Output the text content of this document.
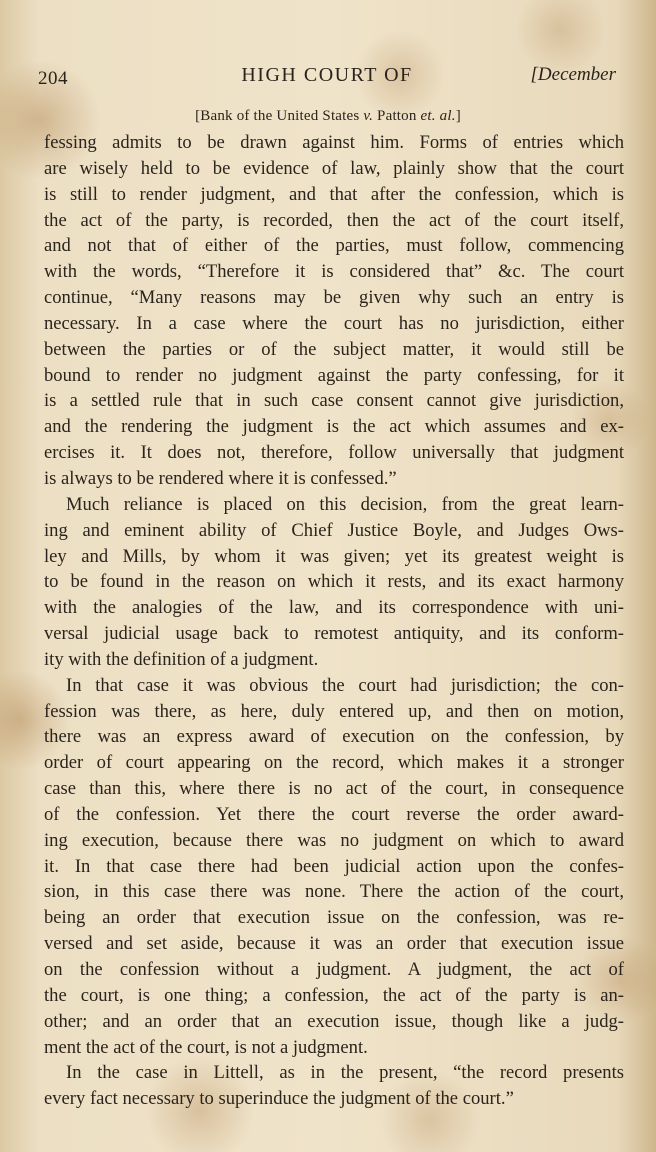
204	HIGH COURT OF	[December
[Bank of the United States v. Patton et. al.]
fessing admits to be drawn against him. Forms of entries which
are wisely held to be evidence of law, plainly show that the court
is still to render judgment, and that after the confession, which is
the act of the party, is recorded, then the act of the court itself,
and not that of either of the parties, must follow, commencing
with the words, “Therefore it is considered that” &c. The court
continue, “Many reasons may be given why such an entry is
necessary. In a case where the court has no jurisdiction, either
between the parties or of the subject matter, it would still be
bound to render no judgment against the party confessing, for it
is a settled rule that in such case consent cannot give jurisdiction,
and the rendering the judgment is the act which assumes and ex-
ercises it. It does not, therefore, follow universally that judgment
is always to be rendered where it is confessed.”
Much reliance is placed on this decision, from the great learn-
ing and eminent ability of Chief Justice Boyle, and Judges Ows-
ley and Mills, by whom it was given; yet its greatest weight is
to be found in the reason on which it rests, and its exact harmony
with the analogies of the law, and its correspondence with uni-
versal judicial usage back to remotest antiquity, and its conform-
ity with the definition of a judgment.
In that case it was obvious the court had jurisdiction; the con-
fession was there, as here, duly entered up, and then on motion,
there was an express award of execution on the confession, by
order of court appearing on the record, which makes it a stronger
case than this, where there is no act of the court, in consequence
of the confession. Yet there the court reverse the order award-
ing execution, because there was no judgment on which to award
it. In that case there had been judicial action upon the confes-
sion, in this case there was none. There the action of the court,
being an order that execution issue on the confession, was re-
versed and set aside, because it was an order that execution issue
on the confession without a judgment. A judgment, the act of
the court, is one thing; a confession, the act of the party is an-
other; and an order that an execution issue, though like a judg-
ment the act of the court, is not a judgment.
In the case in Littell, as in the present, “the record presents
every fact necessary to superinduce the judgment of the court.”
